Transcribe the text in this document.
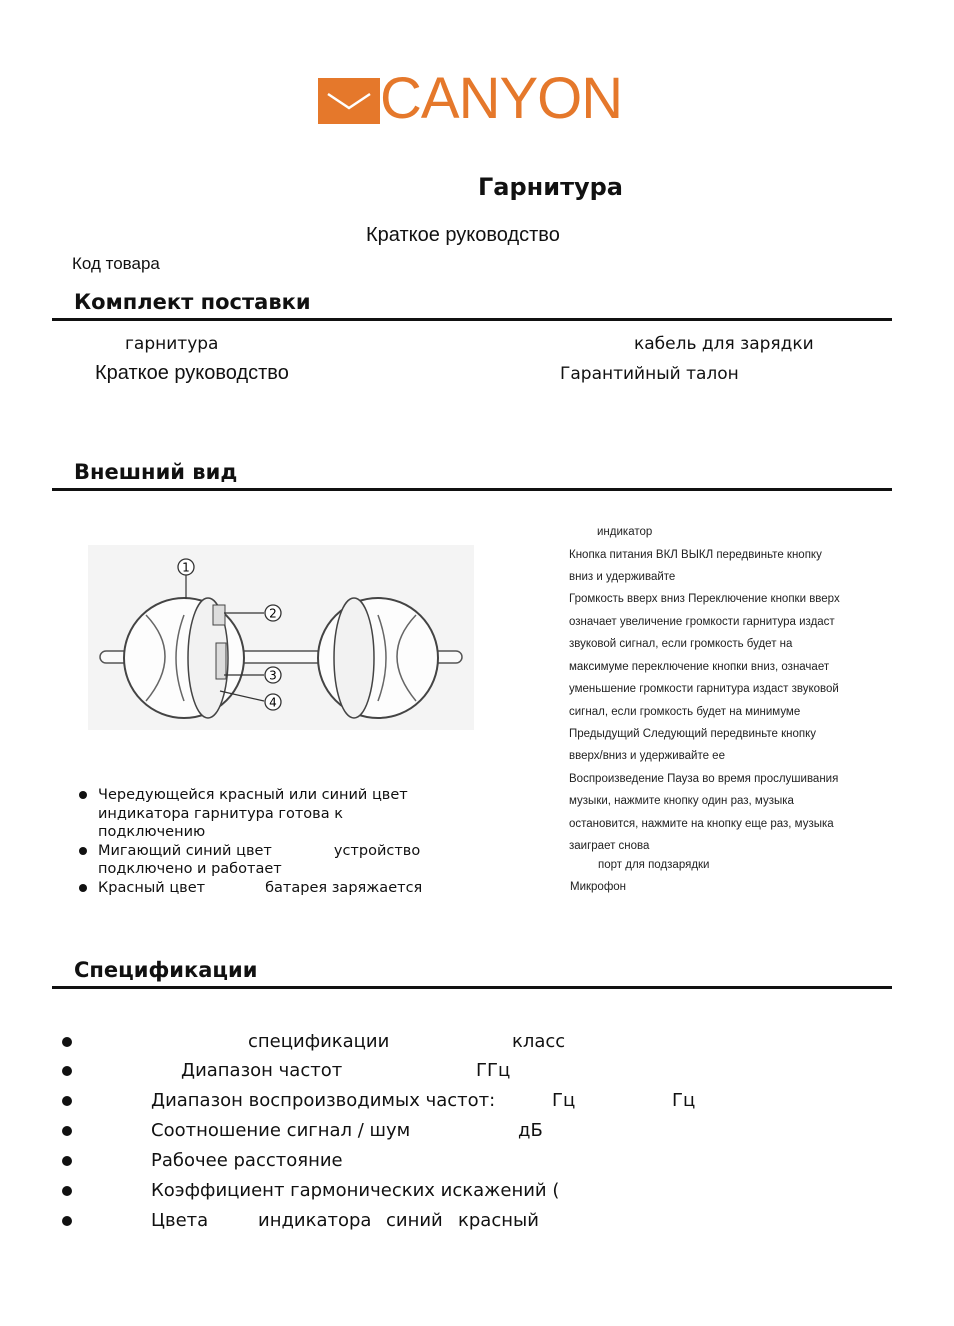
CANYON
Гарнитура
Краткое руководство
Код товара
Комплект поставки
гарнитура	кабель для зарядки
Краткое руководство	Гарантийный талон
Внешний вид
1
2
3
4
индикатор
Кнопка питания ВКЛ ВЫКЛ передвиньте кнопку
вниз и удерживайте
Громкость вверх вниз Переключение кнопки вверх
означает увеличение громкости гарнитура издаст
звуковой сигнал, если громкость будет на
максимуме переключение кнопки вниз, означает
уменьшение громкости гарнитура издаст звуковой
сигнал, если громкость будет на минимуме
Предыдущий Следующий передвиньте кнопку
вверх/вниз и удерживайте ее
Воспроизведение Пауза во время прослушивания
музыки, нажмите кнопку один раз, музыка
остановится, нажмите на кнопку еще раз, музыка
заиграет снова
порт для подзарядки
Микрофон
Чередующейся красный или синий цвет
индикатора гарнитура готова к
подключению
Мигающий синий цвет	устройство
подключено и работает
Красный цвет	батарея заряжается
Спецификации
спецификации	класс
Диапазон частот	ГГц
Диапазон воспроизводимых частот:	Гц	Гц
Соотношение сигнал / шум	дБ
Рабочее расстояние
Коэффициент гармонических искажений (
Цвета	индикатора синий красный
